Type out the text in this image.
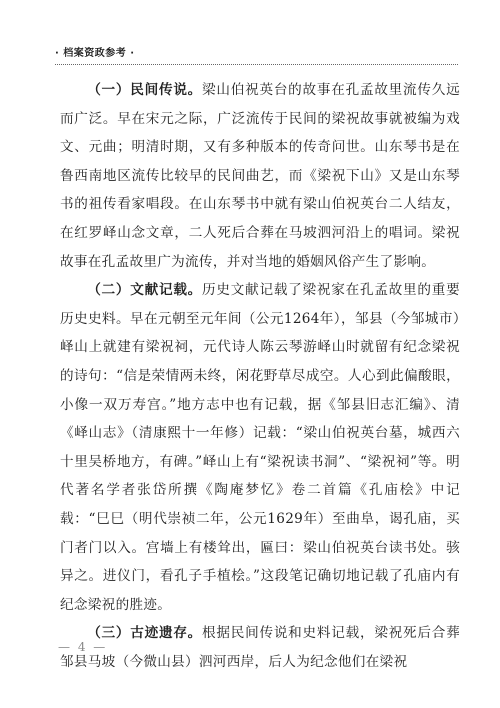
· 档案资政参考 ·

（一）民间传说。梁山伯祝英台的故事在孔孟故里流传久远而广泛。早在宋元之际，广泛流传于民间的梁祝故事就被编为戏文、元曲；明清时期，又有多种版本的传奇问世。山东琴书是在鲁西南地区流传比较早的民间曲艺，而《梁祝下山》又是山东琴书的祖传看家唱段。在山东琴书中就有梁山伯祝英台二人结友，在红罗峄山念文章，二人死后合葬在马坡泗河沿上的唱词。梁祝故事在孔孟故里广为流传，并对当地的婚姻风俗产生了影响。

（二）文献记载。历史文献记载了梁祝家在孔孟故里的重要历史史料。早在元朝至元年间（公元1264年），邹县（今邹城市）峄山上就建有梁祝祠，元代诗人陈云琴游峄山时就留有纪念梁祝的诗句：“信是荣情两未终，闲花野草尽成空。人心到此偏酸眼，小像一双万寿宫。”地方志中也有记载，据《邹县旧志汇编》、清《峄山志》（清康熙十一年修）记载：“梁山伯祝英台墓，城西六十里吴桥地方，有碑。”峄山上有“梁祝读书洞”、“梁祝祠”等。明代著名学者张岱所撰《陶庵梦忆》卷二首篇《孔庙桧》中记载：“巳巳（明代崇祯二年，公元1629年）至曲阜，谒孔庙，买门者门以入。宫墙上有楼耸出，匾曰：梁山伯祝英台读书处。骇异之。进仪门，看孔子手植桧。”这段笔记确切地记载了孔庙内有纪念梁祝的胜迹。

（三）古迹遗存。根据民间传说和史料记载，梁祝死后合葬邹县马坡（今微山县）泗河西岸，后人为纪念他们在梁祝

— 4 —
